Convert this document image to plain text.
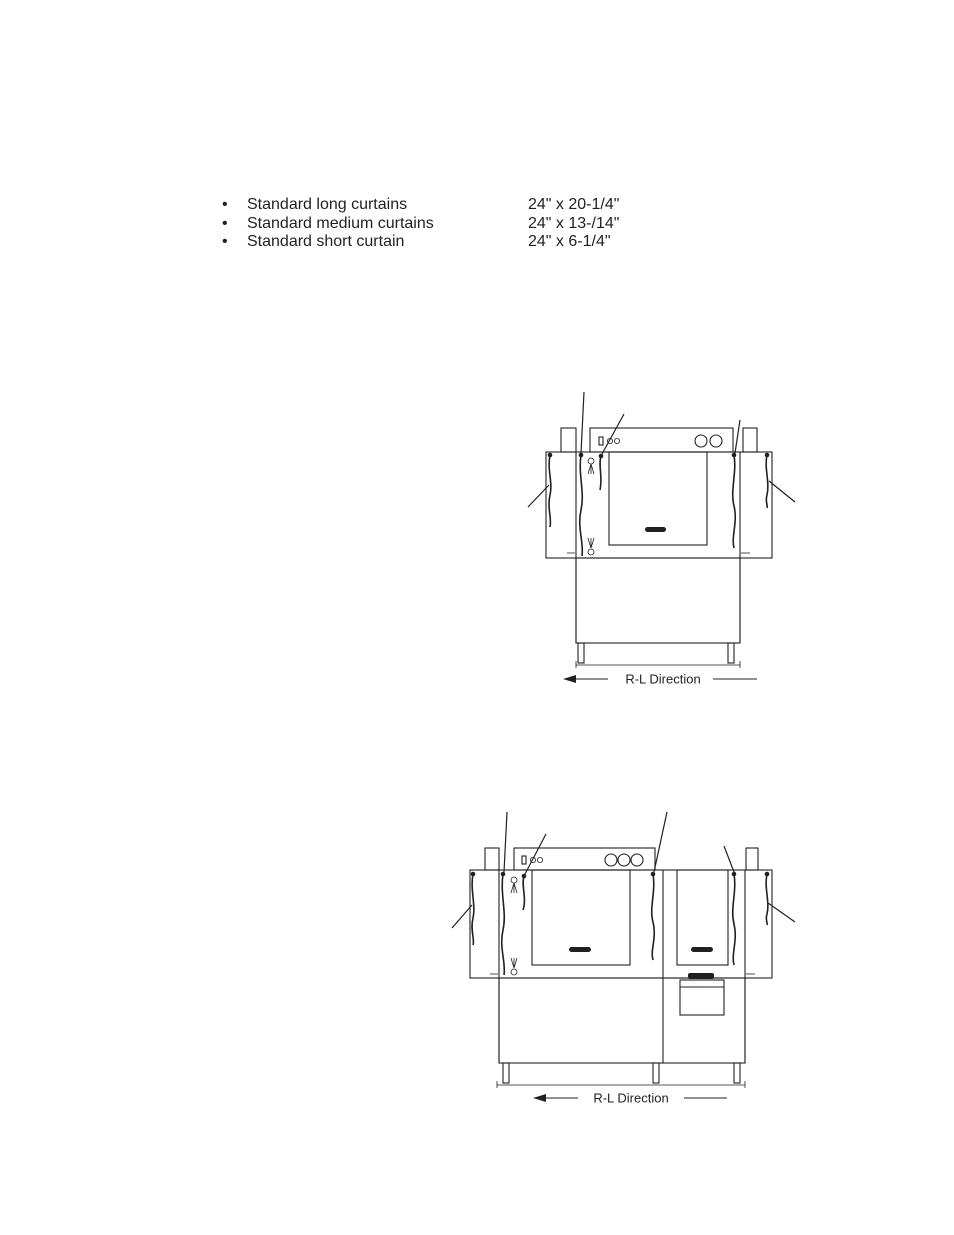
• Standard long curtains	24" x 20-1/4"
• Standard medium curtains	24" x 13-/14"
• Standard short curtain	24" x 6-1/4"
R-L Direction
R-L Direction
